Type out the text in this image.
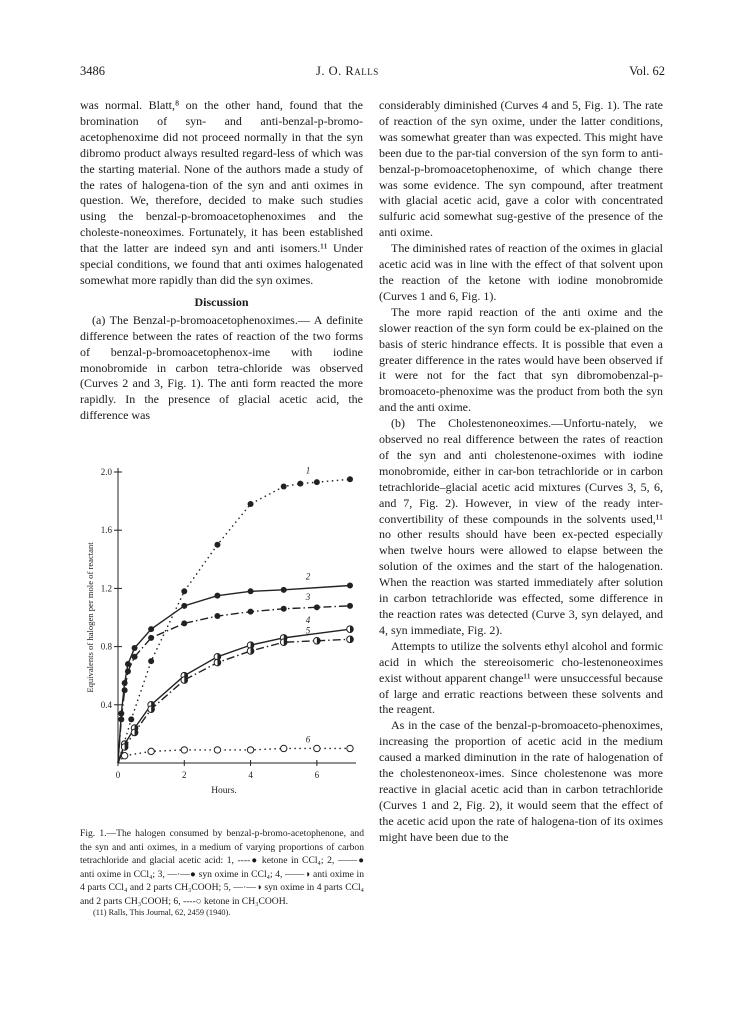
3486	J. O. Ralls	Vol. 62

was normal. Blatt,⁸ on the other hand, found that the bromination of syn- and anti-benzal-p-bromo-acetophenoxime did not proceed normally in that the syn dibromo product always resulted regard-less of which was the starting material. None of the authors made a study of the rates of halogena-tion of the syn and anti oximes in question. We, therefore, decided to make such studies using the benzal-p-bromoacetophenoximes and the choleste-noneoximes. Fortunately, it has been established that the latter are indeed syn and anti isomers.¹¹ Under special conditions, we found that anti oximes halogenated somewhat more rapidly than did the syn oximes.

Discussion

(a) The Benzal-p-bromoacetophenoximes.— A definite difference between the rates of reaction of the two forms of benzal-p-bromoacetophenox-ime with iodine monobromide in carbon tetra-chloride was observed (Curves 2 and 3, Fig. 1). The anti form reacted the more rapidly. In the presence of glacial acetic acid, the difference was

0.4
0.8
1.2
1.6
2.0
0	2	4	6
Hours.
Equivalents of halogen per mole of reactant
1
2
3
4
5
6
Fig. 1.—The halogen consumed by benzal-p-bromo-acetophenone, and the syn and anti oximes, in a medium of varying proportions of carbon tetrachloride and glacial acetic acid: 1, ----● ketone in CCl₄; 2, ——● anti oxime in CCl₄; 3, —·—● syn oxime in CCl₄; 4, ——◑ anti oxime in 4 parts CCl₄ and 2 parts CH₃COOH; 5, —·—◑ syn oxime in 4 parts CCl₄ and 2 parts CH₃COOH; 6, ----○ ketone in CH₃COOH.
(11) Ralls, This Journal, 62, 2459 (1940).

considerably diminished (Curves 4 and 5, Fig. 1). The rate of reaction of the syn oxime, under the latter conditions, was somewhat greater than was expected. This might have been due to the par-tial conversion of the syn form to anti-benzal-p-bromoacetophenoxime, of which change there was some evidence. The syn compound, after treatment with glacial acetic acid, gave a color with concentrated sulfuric acid somewhat sug-gestive of the presence of the anti oxime.

The diminished rates of reaction of the oximes in glacial acetic acid was in line with the effect of that solvent upon the reaction of the ketone with iodine monobromide (Curves 1 and 6, Fig. 1).

The more rapid reaction of the anti oxime and the slower reaction of the syn form could be ex-plained on the basis of steric hindrance effects. It is possible that even a greater difference in the rates would have been observed if it were not for the fact that syn dibromobenzal-p-bromoaceto-phenoxime was the product from both the syn and the anti oxime.

(b) The Cholestenoneoximes.—Unfortu-nately, we observed no real difference between the rates of reaction of the syn and anti cholestenone-oximes with iodine monobromide, either in car-bon tetrachloride or in carbon tetrachloride–glacial acetic acid mixtures (Curves 3, 5, 6, and 7, Fig. 2). However, in view of the ready inter-convertibility of these compounds in the solvents used,¹¹ no other results should have been ex-pected especially when twelve hours were allowed to elapse between the solution of the oximes and the start of the halogenation. When the reaction was started immediately after solution in carbon tetrachloride was effected, some difference in the reaction rates was detected (Curve 3, syn delayed, and 4, syn immediate, Fig. 2).

Attempts to utilize the solvents ethyl alcohol and formic acid in which the stereoisomeric cho-lestenoneoximes exist without apparent change¹¹ were unsuccessful because of large and erratic reactions between these solvents and the reagent.

As in the case of the benzal-p-bromoaceto-phenoximes, increasing the proportion of acetic acid in the medium caused a marked diminution in the rate of halogenation of the cholestenoneox-imes. Since cholestenone was more reactive in glacial acetic acid than in carbon tetrachloride (Curves 1 and 2, Fig. 2), it would seem that the effect of the acetic acid upon the rate of halogena-tion of its oximes might have been due to the
